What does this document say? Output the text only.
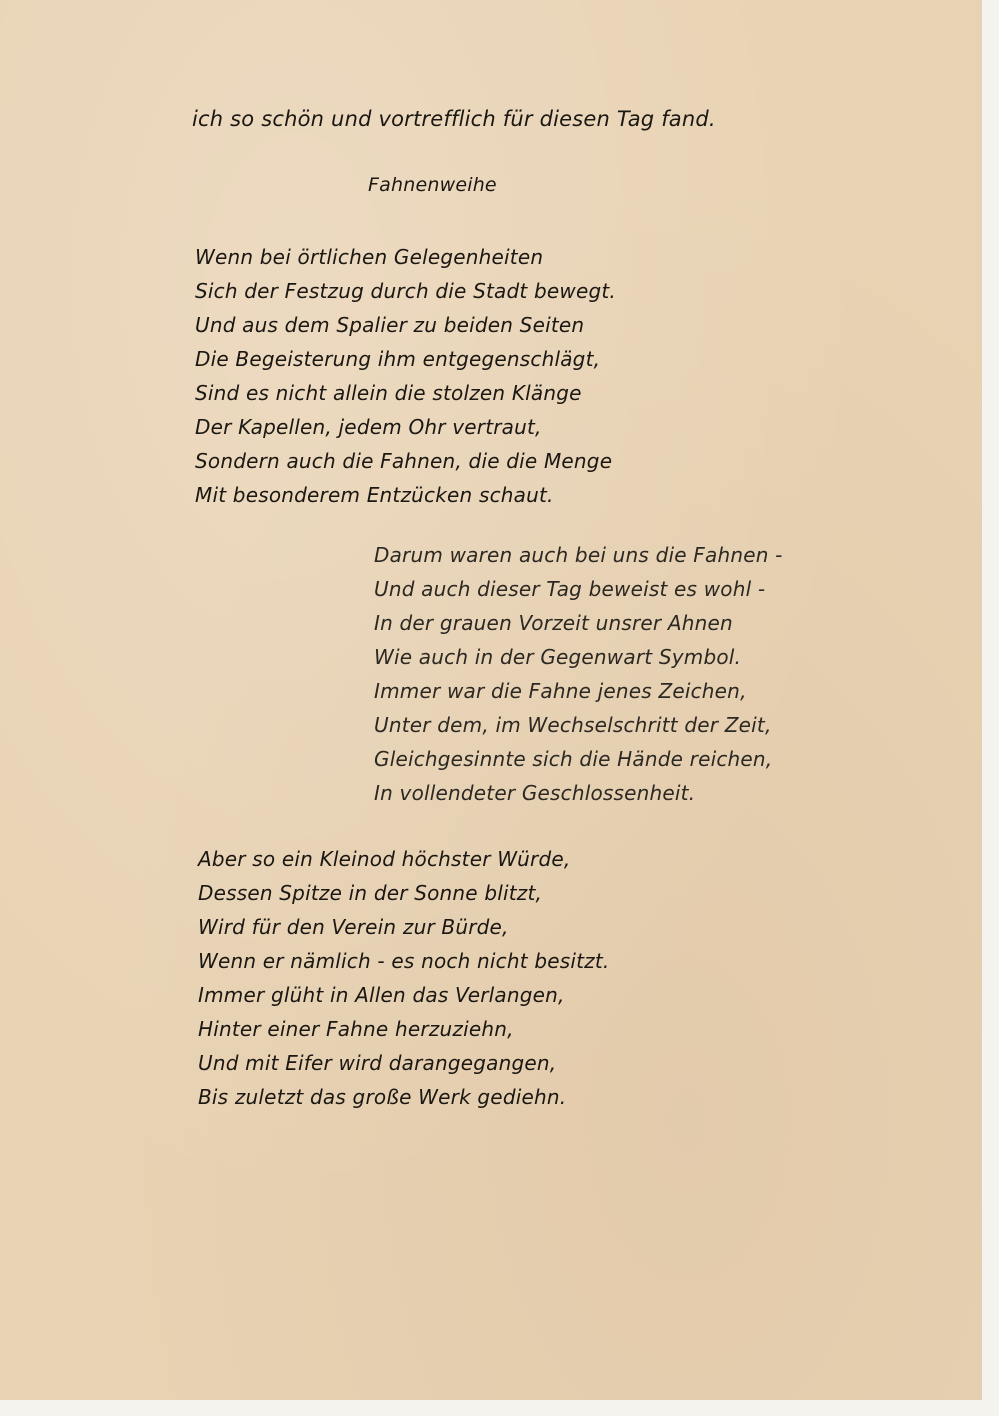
ich so schön und vortrefflich für diesen Tag fand.
Fahnenweihe
Wenn bei örtlichen Gelegenheiten
Sich der Festzug durch die Stadt bewegt.
Und aus dem Spalier zu beiden Seiten
Die Begeisterung ihm entgegenschlägt,
Sind es nicht allein die stolzen Klänge
Der Kapellen, jedem Ohr vertraut,
Sondern auch die Fahnen, die die Menge
Mit besonderem Entzücken schaut.
Darum waren auch bei uns die Fahnen -
Und auch dieser Tag beweist es wohl -
In der grauen Vorzeit unsrer Ahnen
Wie auch in der Gegenwart Symbol.
Immer war die Fahne jenes Zeichen,
Unter dem, im Wechselschritt der Zeit,
Gleichgesinnte sich die Hände reichen,
In vollendeter Geschlossenheit.
Aber so ein Kleinod höchster Würde,
Dessen Spitze in der Sonne blitzt,
Wird für den Verein zur Bürde,
Wenn er nämlich - es noch nicht besitzt.
Immer glüht in Allen das Verlangen,
Hinter einer Fahne herzuziehn,
Und mit Eifer wird darangegangen,
Bis zuletzt das große Werk gediehn.
